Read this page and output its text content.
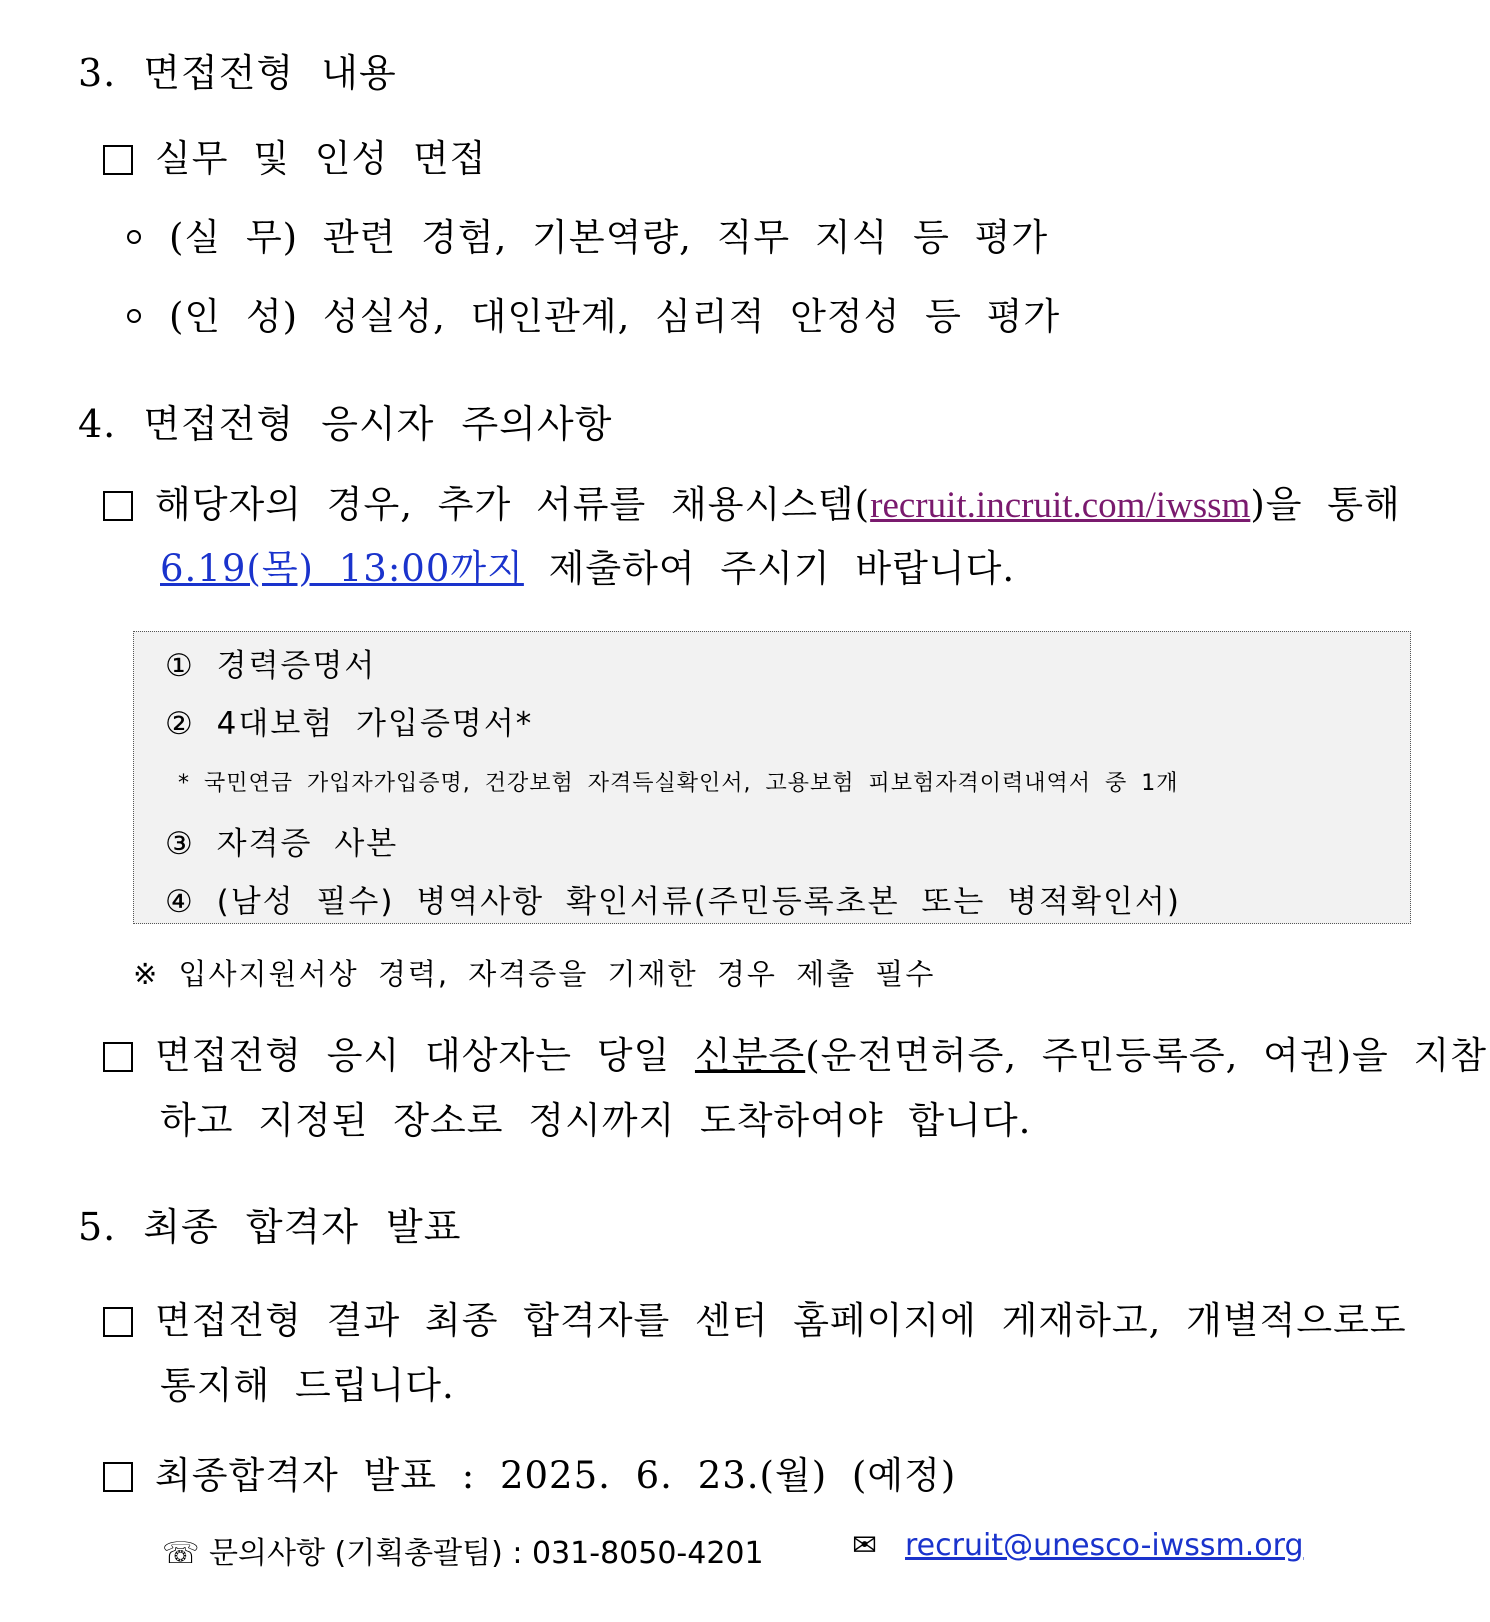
3. 면접전형 내용
실무 및 인성 면접
(실 무) 관련 경험, 기본역량, 직무 지식 등 평가
(인 성) 성실성, 대인관계, 심리적 안정성 등 평가
4. 면접전형 응시자 주의사항
해당자의 경우, 추가 서류를 채용시스템(recruit.incruit.com/iwssm)을 통해
6.19(목) 13:00까지 제출하여 주시기 바랍니다.
① 경력증명서
② 4대보험 가입증명서*
* 국민연금 가입자가입증명, 건강보험 자격득실확인서, 고용보험 피보험자격이력내역서 중 1개
③ 자격증 사본
④ (남성 필수) 병역사항 확인서류(주민등록초본 또는 병적확인서)
※ 입사지원서상 경력, 자격증을 기재한 경우 제출 필수
면접전형 응시 대상자는 당일 신분증(운전면허증, 주민등록증, 여권)을 지참
하고 지정된 장소로 정시까지 도착하여야 합니다.
5. 최종 합격자 발표
면접전형 결과 최종 합격자를 센터 홈페이지에 게재하고, 개별적으로도
통지해 드립니다.
최종합격자 발표 : 2025. 6. 23.(월) (예정)
☏ 문의사항 (기획총괄팀) : 031-8050-4201	✉ recruit@unesco-iwssm.org
